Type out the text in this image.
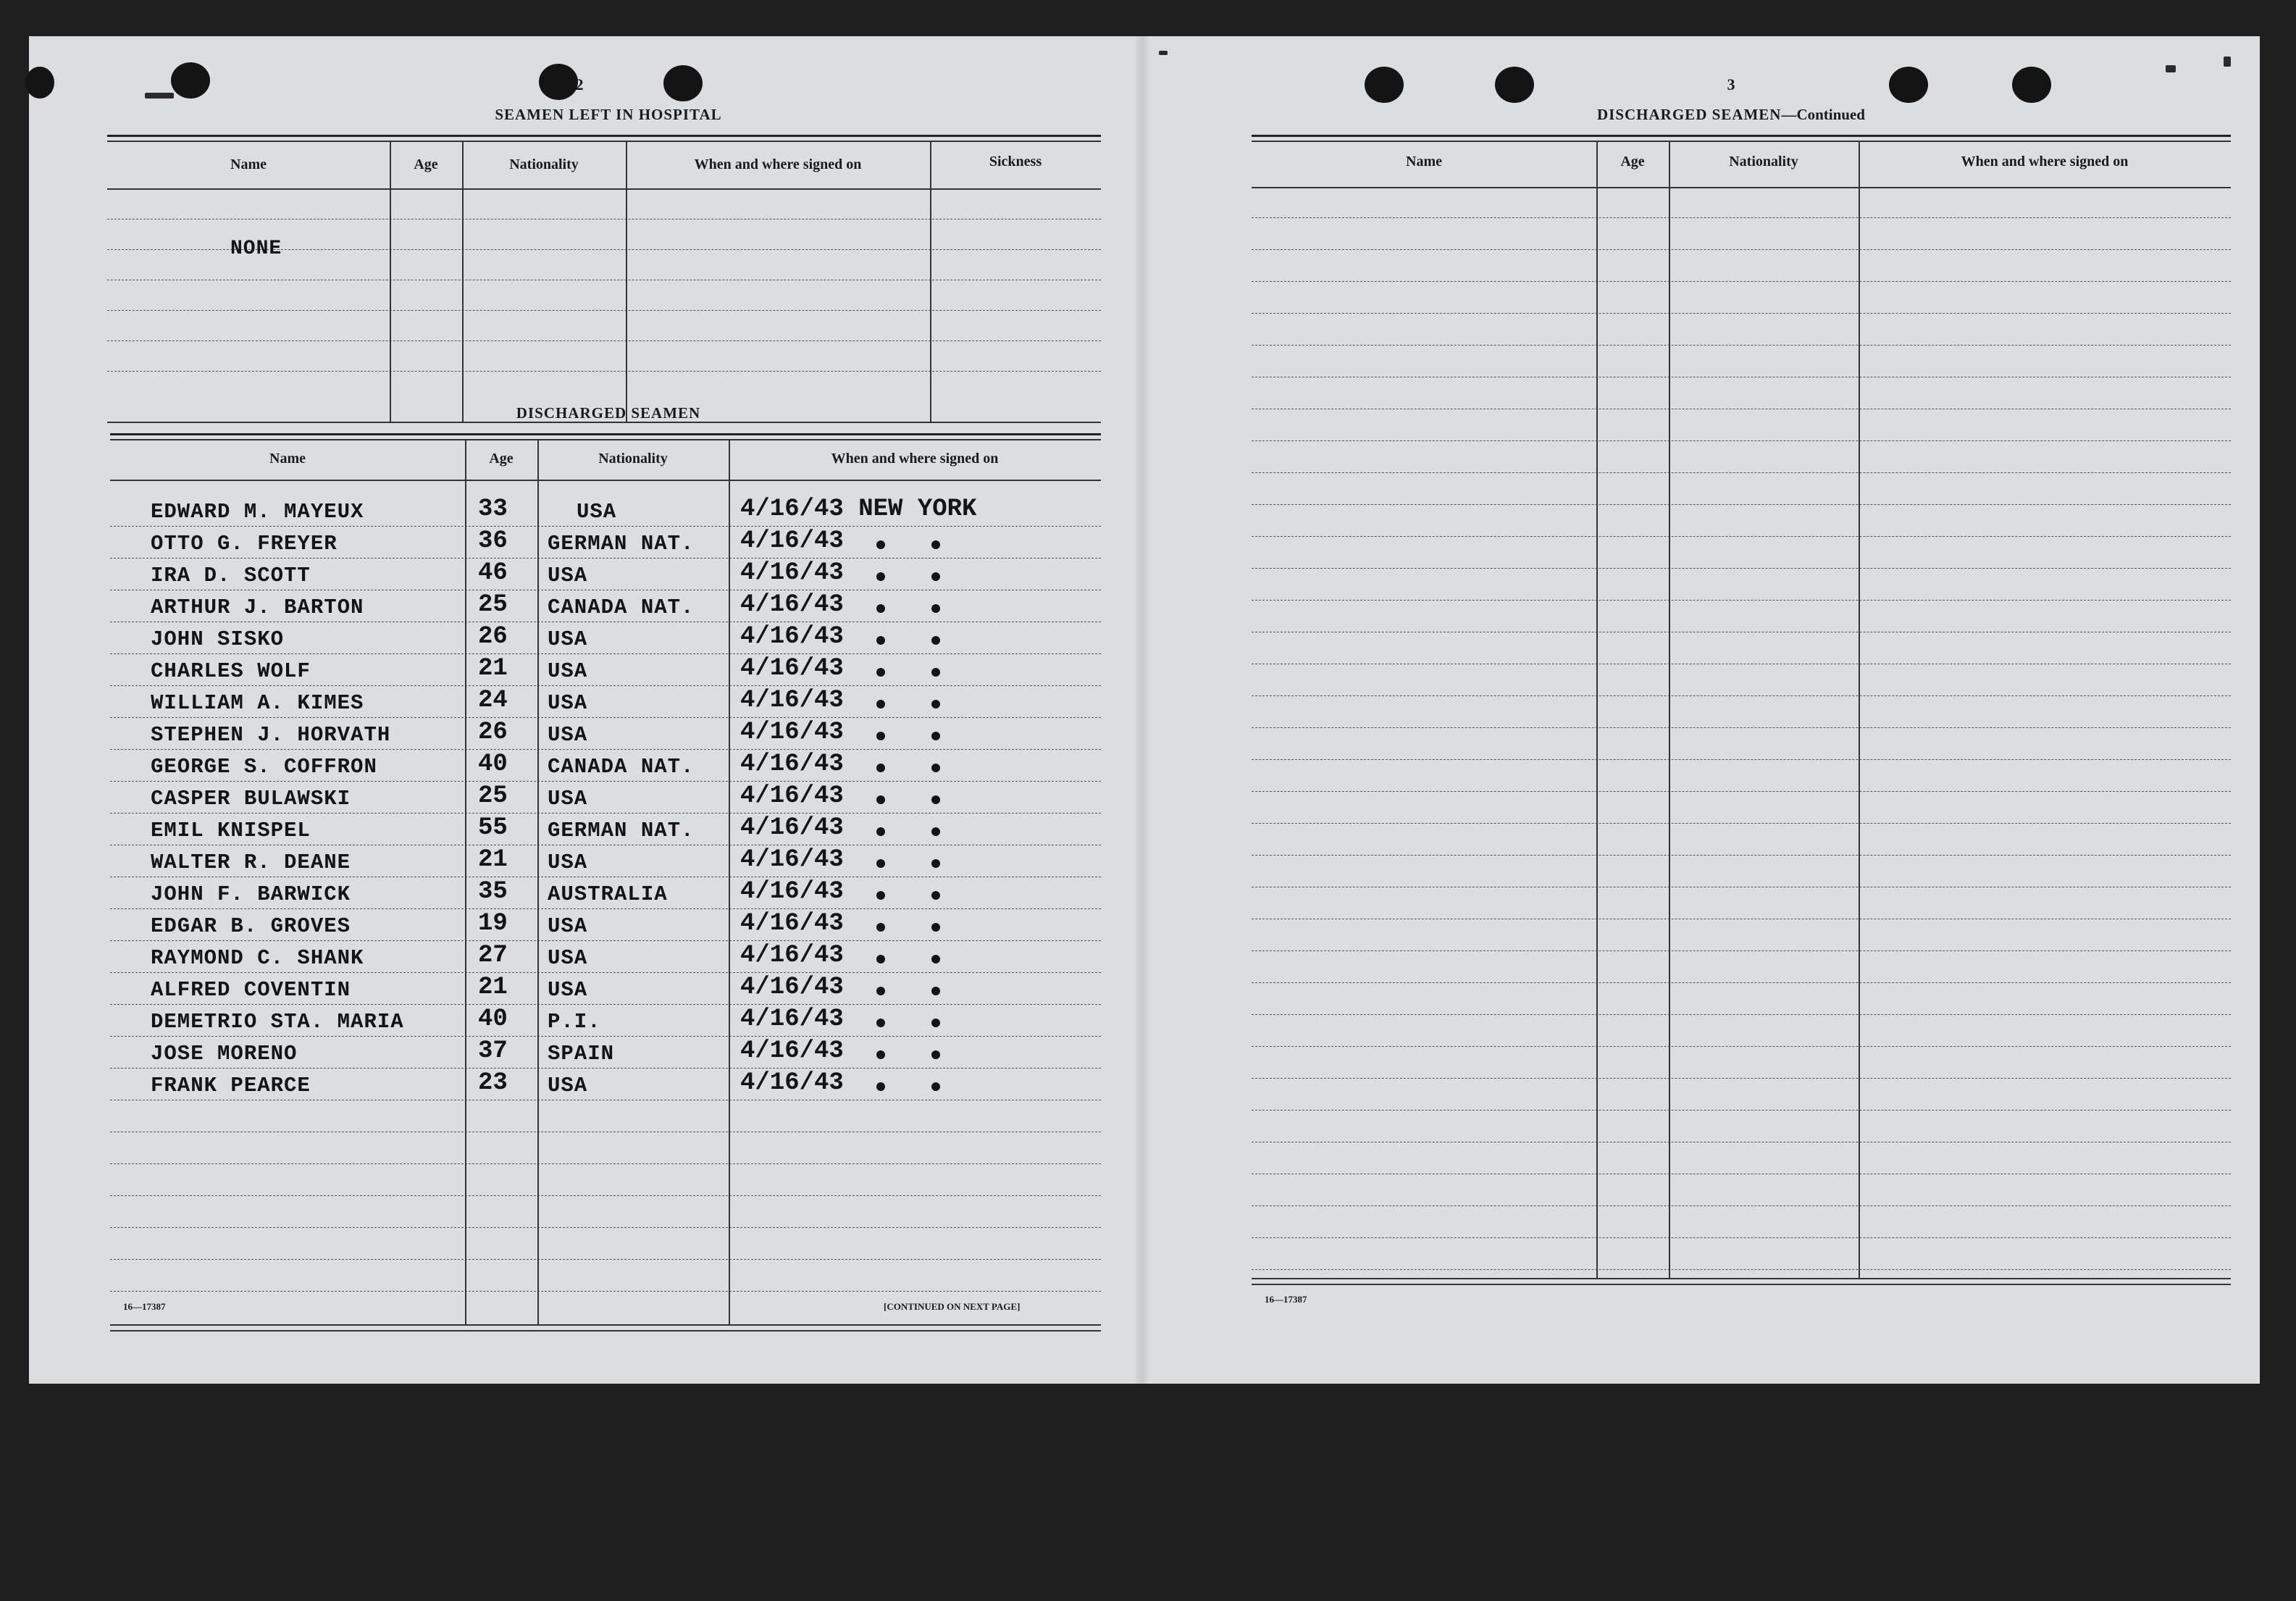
2
SEAMEN LEFT IN HOSPITAL
Name	Age	Nationality	When and where signed on	Sickness
NONE
DISCHARGED SEAMEN
Name	Age	Nationality	When and where signed on
EDWARD M. MAYEUX	33	USA	4/16/43 NEW YORK
OTTO G. FREYER	36 GERMAN NAT. 4/16/43
IRA D. SCOTT	46 USA	4/16/43
ARTHUR J. BARTON	25 CANADA NAT. 4/16/43
JOHN SISKO	26 USA	4/16/43
CHARLES WOLF	21 USA	4/16/43
WILLIAM A. KIMES	24 USA	4/16/43
STEPHEN J. HORVATH	26 USA	4/16/43
GEORGE S. COFFRON	40 CANADA NAT. 4/16/43
CASPER BULAWSKI	25 USA	4/16/43
EMIL KNISPEL	55 GERMAN NAT. 4/16/43
WALTER R. DEANE	21 USA	4/16/43
JOHN F. BARWICK	35 AUSTRALIA	4/16/43
EDGAR B. GROVES	19 USA	4/16/43
RAYMOND C. SHANK	27 USA	4/16/43
ALFRED COVENTIN	21 USA	4/16/43
DEMETRIO STA. MARIA	40 P.I.	4/16/43
JOSE MORENO	37 SPAIN	4/16/43
FRANK PEARCE	23 USA	4/16/43
16—17387	[CONTINUED ON NEXT PAGE]
3
DISCHARGED SEAMEN—Continued
Name	Age	Nationality	When and where signed on
16—17387
